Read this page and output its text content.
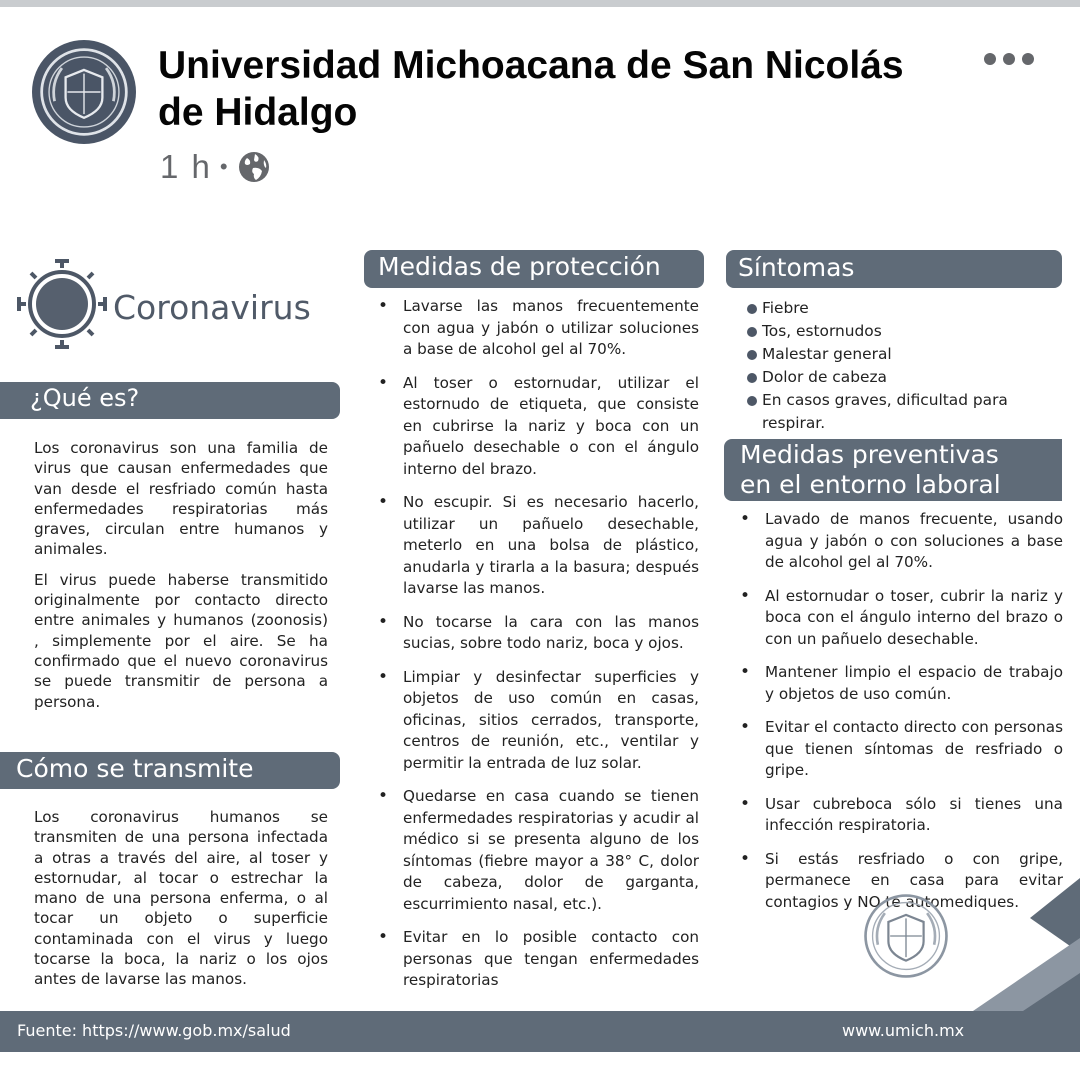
Universidad Michoacana de San Nicolás de Hidalgo
1 h •
Coronavirus
¿Qué es?

Los coronavirus son una familia de virus que causan enfermedades que van desde el resfriado común hasta enfermedades respiratorias más graves, circulan entre humanos y animales.

El virus puede haberse transmitido originalmente por contacto directo entre animales y humanos (zoonosis) , simplemente por el aire. Se ha confirmado que el nuevo coronavirus se puede transmitir de persona a persona.

Cómo se transmite

Los coronavirus humanos se transmiten de una persona infectada a otras a través del aire, al toser y estornudar, al tocar o estrechar la mano de una persona enferma, o al tocar un objeto o superficie contaminada con el virus y luego tocarse la boca, la nariz o los ojos antes de lavarse las manos.

Medidas de protección
• Lavarse las manos frecuentemente con agua y jabón o utilizar soluciones a base de alcohol gel al 70%.
• Al toser o estornudar, utilizar el estornudo de etiqueta, que consiste en cubrirse la nariz y boca con un pañuelo desechable o con el ángulo interno del brazo.
• No escupir. Si es necesario hacerlo, utilizar un pañuelo desechable, meterlo en una bolsa de plástico, anudarla y tirarla a la basura; después lavarse las manos.
• No tocarse la cara con las manos sucias, sobre todo nariz, boca y ojos.
• Limpiar y desinfectar superficies y objetos de uso común en casas, oficinas, sitios cerrados, transporte, centros de reunión, etc., ventilar y permitir la entrada de luz solar.
• Quedarse en casa cuando se tienen enfermedades respiratorias y acudir al médico si se presenta alguno de los síntomas (fiebre mayor a 38° C, dolor de cabeza, dolor de garganta, escurrimiento nasal, etc.).
• Evitar en lo posible contacto con personas que tengan enfermedades respiratorias
Síntomas
Fiebre
Tos, estornudos
Malestar general
Dolor de cabeza
En casos graves, dificultad para respirar.
Medidas preventivas
en el entorno laboral
• Lavado de manos frecuente, usando agua y jabón o con soluciones a base de alcohol gel al 70%.
• Al estornudar o toser, cubrir la nariz y boca con el ángulo interno del brazo o con un pañuelo desechable.
• Mantener limpio el espacio de trabajo y objetos de uso común.
• Evitar el contacto directo con personas que tienen síntomas de resfriado o gripe.
• Usar cubreboca sólo si tienes una infección respiratoria.
• Si estás resfriado o con gripe, permanece en casa para evitar contagios y NO te automediques.
Fuente: https://www.gob.mx/salud	www.umich.mx
